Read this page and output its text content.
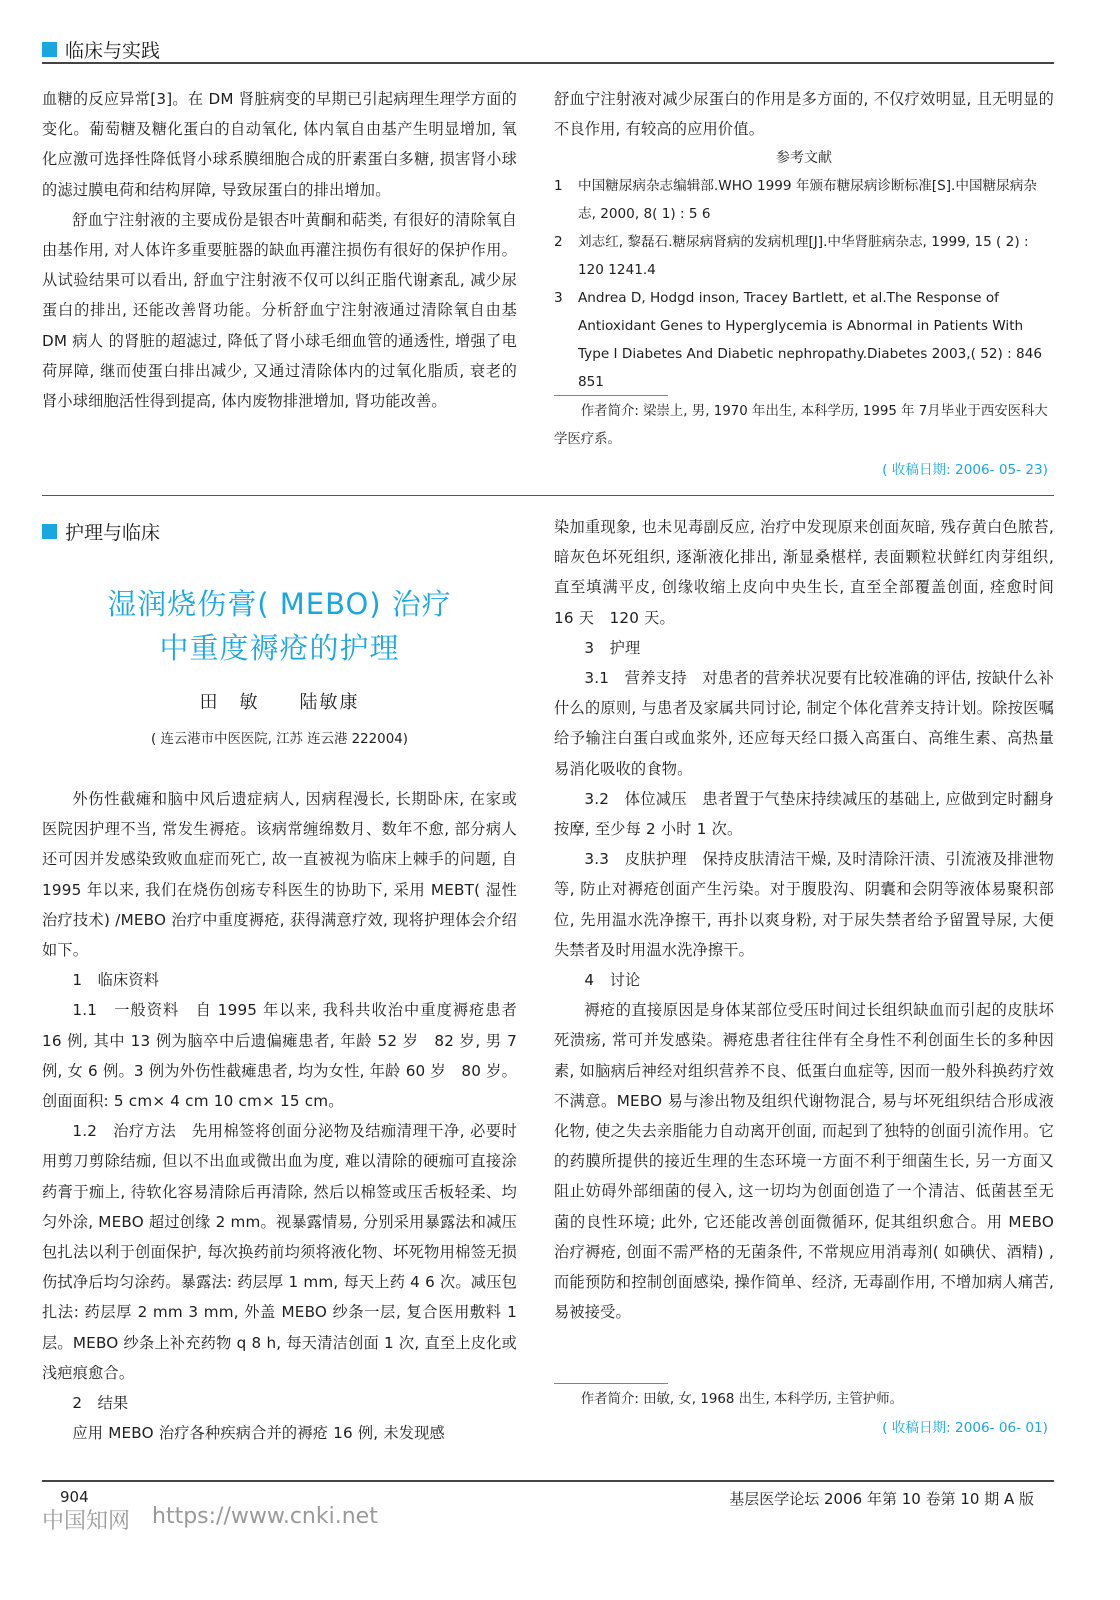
临床与实践

血糖的反应异常[3]。在 DM 肾脏病变的早期已引起病理生理学方面的变化。葡萄糖及糖化蛋白的自动氧化, 体内氧自由基产生明显增加, 氧化应激可选择性降低肾小球系膜细胞合成的肝素蛋白多糖, 损害肾小球的滤过膜电荷和结构屏障, 导致尿蛋白的排出增加。

舒血宁注射液的主要成份是银杏叶黄酮和萜类, 有很好的清除氧自由基作用, 对人体许多重要脏器的缺血再灌注损伤有很好的保护作用。从试验结果可以看出, 舒血宁注射液不仅可以纠正脂代谢紊乱, 减少尿蛋白的排出, 还能改善肾功能。分析舒血宁注射液通过清除氧自由基 DM 病人 的肾脏的超滤过, 降低了肾小球毛细血管的通透性, 增强了电荷屏障, 继而使蛋白排出减少, 又通过清除体内的过氧化脂质, 衰老的肾小球细胞活性得到提高, 体内废物排泄增加, 肾功能改善。

舒血宁注射液对减少尿蛋白的作用是多方面的, 不仅疗效明显, 且无明显的不良作用, 有较高的应用价值。

参考文献
1	中国糖尿病杂志编辑部.WHO 1999 年颁布糖尿病诊断标准[S].中国糖尿病杂志, 2000, 8( 1) : 5 6
2	刘志红, 黎磊石.糖尿病肾病的发病机理[J].中华肾脏病杂志, 1999, 15 ( 2) : 120 1241.4
3	Andrea D, Hodgd inson, Tracey Bartlett, et al.The Response of Antioxidant Genes to Hyperglycemia is Abnormal in Patients With Type I Diabetes And Diabetic nephropathy.Diabetes 2003,( 52) : 846 851

作者简介: 梁崇上, 男, 1970 年出生, 本科学历, 1995 年 7月毕业于西安医科大学医疗系。

( 收稿日期: 2006- 05- 23)
护理与临床
湿润烧伤膏( MEBO) 治疗
中重度褥疮的护理
田　敏　　陆敏康
( 连云港市中医医院, 江苏 连云港 222004)

外伤性截瘫和脑中风后遗症病人, 因病程漫长, 长期卧床, 在家或医院因护理不当, 常发生褥疮。该病常缠绵数月、数年不愈, 部分病人还可因并发感染致败血症而死亡, 故一直被视为临床上棘手的问题, 自 1995 年以来, 我们在烧伤创疡专科医生的协助下, 采用 MEBT( 湿性治疗技术) /MEBO 治疗中重度褥疮, 获得满意疗效, 现将护理体会介绍如下。

1　临床资料

1.1　一般资料　自 1995 年以来, 我科共收治中重度褥疮患者 16 例, 其中 13 例为脑卒中后遗偏瘫患者, 年龄 52 岁　82 岁, 男 7 例, 女 6 例。3 例为外伤性截瘫患者, 均为女性, 年龄 60 岁　80 岁。创面面积: 5 cm× 4 cm 10 cm× 15 cm。

1.2　治疗方法　先用棉签将创面分泌物及结痂清理干净, 必要时用剪刀剪除结痂, 但以不出血或微出血为度, 难以清除的硬痂可直接涂药膏于痂上, 待软化容易清除后再清除, 然后以棉签或压舌板轻柔、均匀外涂, MEBO 超过创缘 2 mm。视暴露情易, 分别采用暴露法和减压包扎法以利于创面保护, 每次换药前均须将液化物、坏死物用棉签无损伤拭净后均匀涂药。暴露法: 药层厚 1 mm, 每天上药 4 6 次。减压包扎法: 药层厚 2 mm 3 mm, 外盖 MEBO 纱条一层, 复合医用敷料 1 层。MEBO 纱条上补充药物 q 8 h, 每天清洁创面 1 次, 直至上皮化或浅疤痕愈合。

2　结果

应用 MEBO 治疗各种疾病合并的褥疮 16 例, 未发现感

染加重现象, 也未见毒副反应, 治疗中发现原来创面灰暗, 残存黄白色脓苔, 暗灰色坏死组织, 逐渐液化排出, 渐显桑椹样, 表面颗粒状鲜红肉芽组织, 直至填满平皮, 创缘收缩上皮向中央生长, 直至全部覆盖创面, 痊愈时间 16 天　120 天。

3　护理

3.1　营养支持　对患者的营养状况要有比较准确的评估, 按缺什么补什么的原则, 与患者及家属共同讨论, 制定个体化营养支持计划。除按医嘱给予输注白蛋白或血浆外, 还应每天经口摄入高蛋白、高维生素、高热量易消化吸收的食物。

3.2　体位减压　患者置于气垫床持续减压的基础上, 应做到定时翻身按摩, 至少每 2 小时 1 次。

3.3　皮肤护理　保持皮肤清洁干燥, 及时清除汗渍、引流液及排泄物等, 防止对褥疮创面产生污染。对于腹股沟、阴囊和会阴等液体易聚积部位, 先用温水洗净擦干, 再扑以爽身粉, 对于尿失禁者给予留置导尿, 大便失禁者及时用温水洗净擦干。

4　讨论

褥疮的直接原因是身体某部位受压时间过长组织缺血而引起的皮肤坏死溃疡, 常可并发感染。褥疮患者往往伴有全身性不利创面生长的多种因素, 如脑病后神经对组织营养不良、低蛋白血症等, 因而一般外科换药疗效不满意。MEBO 易与渗出物及组织代谢物混合, 易与坏死组织结合形成液化物, 使之失去亲脂能力自动离开创面, 而起到了独特的创面引流作用。它的药膜所提供的接近生理的生态环境一方面不利于细菌生长, 另一方面又阻止妨碍外部细菌的侵入, 这一切均为创面创造了一个清洁、低菌甚至无菌的良性环境; 此外, 它还能改善创面微循环, 促其组织愈合。用 MEBO 治疗褥疮, 创面不需严格的无菌条件, 不常规应用消毒剂( 如碘伏、酒精) , 而能预防和控制创面感染, 操作简单、经济, 无毒副作用, 不增加病人痛苦, 易被接受。

作者简介: 田敏, 女, 1968 出生, 本科学历, 主管护师。

( 收稿日期: 2006- 06- 01)
904	基层医学论坛 2006 年第 10 卷第 10 期 A 版
中国知网 https://www.cnki.net
